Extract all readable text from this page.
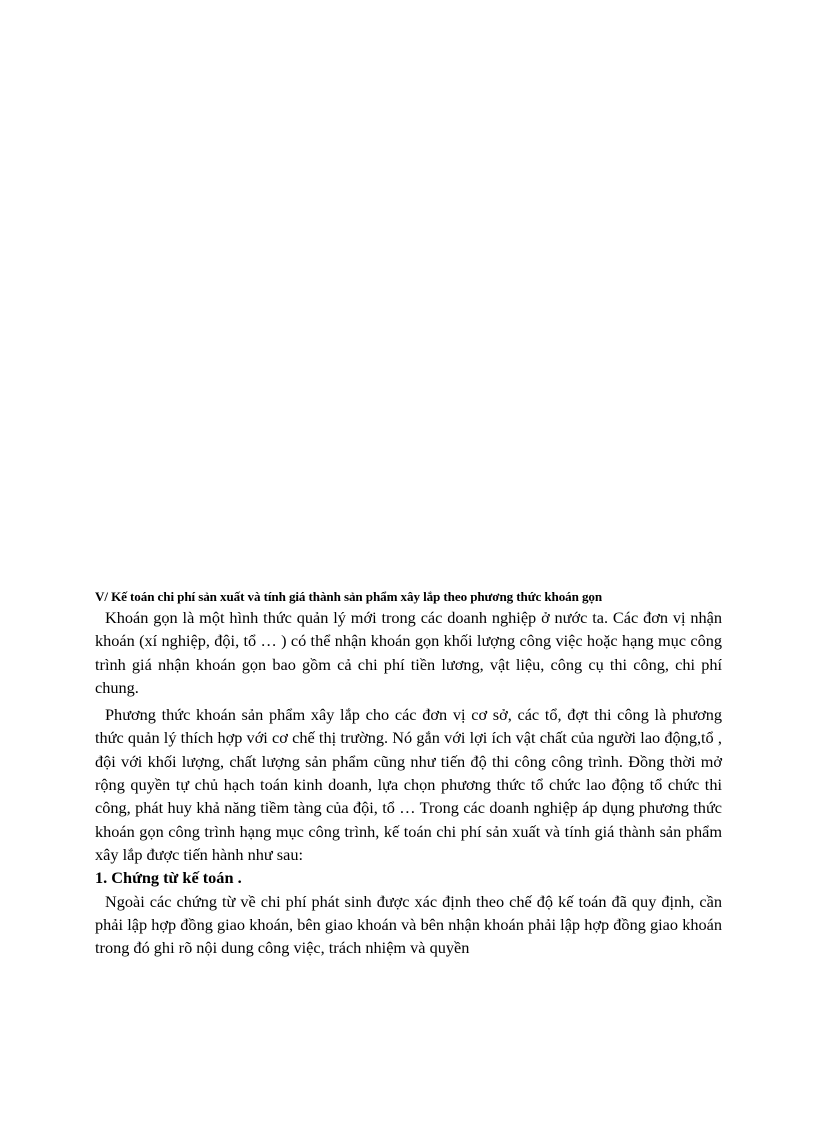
V/ Kế toán chi phí sản xuất và tính giá thành sản phẩm xây lắp theo phương thức khoán gọn

Khoán gọn là một hình thức quản lý mới trong các doanh nghiệp ở nước ta. Các đơn vị nhận khoán (xí nghiệp, đội, tổ … ) có thể nhận khoán gọn khối lượng công việc hoặc hạng mục công trình giá nhận khoán gọn bao gồm cả chi phí tiền lương, vật liệu, công cụ thi công, chi phí chung.

Phương thức khoán sản phẩm xây lắp cho các đơn vị cơ sở, các tổ, đợt thi công là phương thức quản lý thích hợp với cơ chế thị trường. Nó gắn với lợi ích vật chất của người lao động,tổ , đội với khối lượng, chất lượng sản phẩm cũng như tiến độ thi công công trình. Đồng thời mở rộng quyền tự chủ hạch toán kinh doanh, lựa chọn phương thức tổ chức lao động tổ chức thi công, phát huy khả năng tiềm tàng của đội, tổ … Trong các doanh nghiệp áp dụng phương thức khoán gọn công trình hạng mục công trình, kế toán chi phí sản xuất và tính giá thành sản phẩm xây lắp được tiến hành như sau:

1. Chứng từ kế toán .

Ngoài các chứng từ về chi phí phát sinh được xác định theo chế độ kế toán đã quy định, cần phải lập hợp đồng giao khoán, bên giao khoán và bên nhận khoán phải lập hợp đồng giao khoán trong đó ghi rõ nội dung công việc, trách nhiệm và quyền
